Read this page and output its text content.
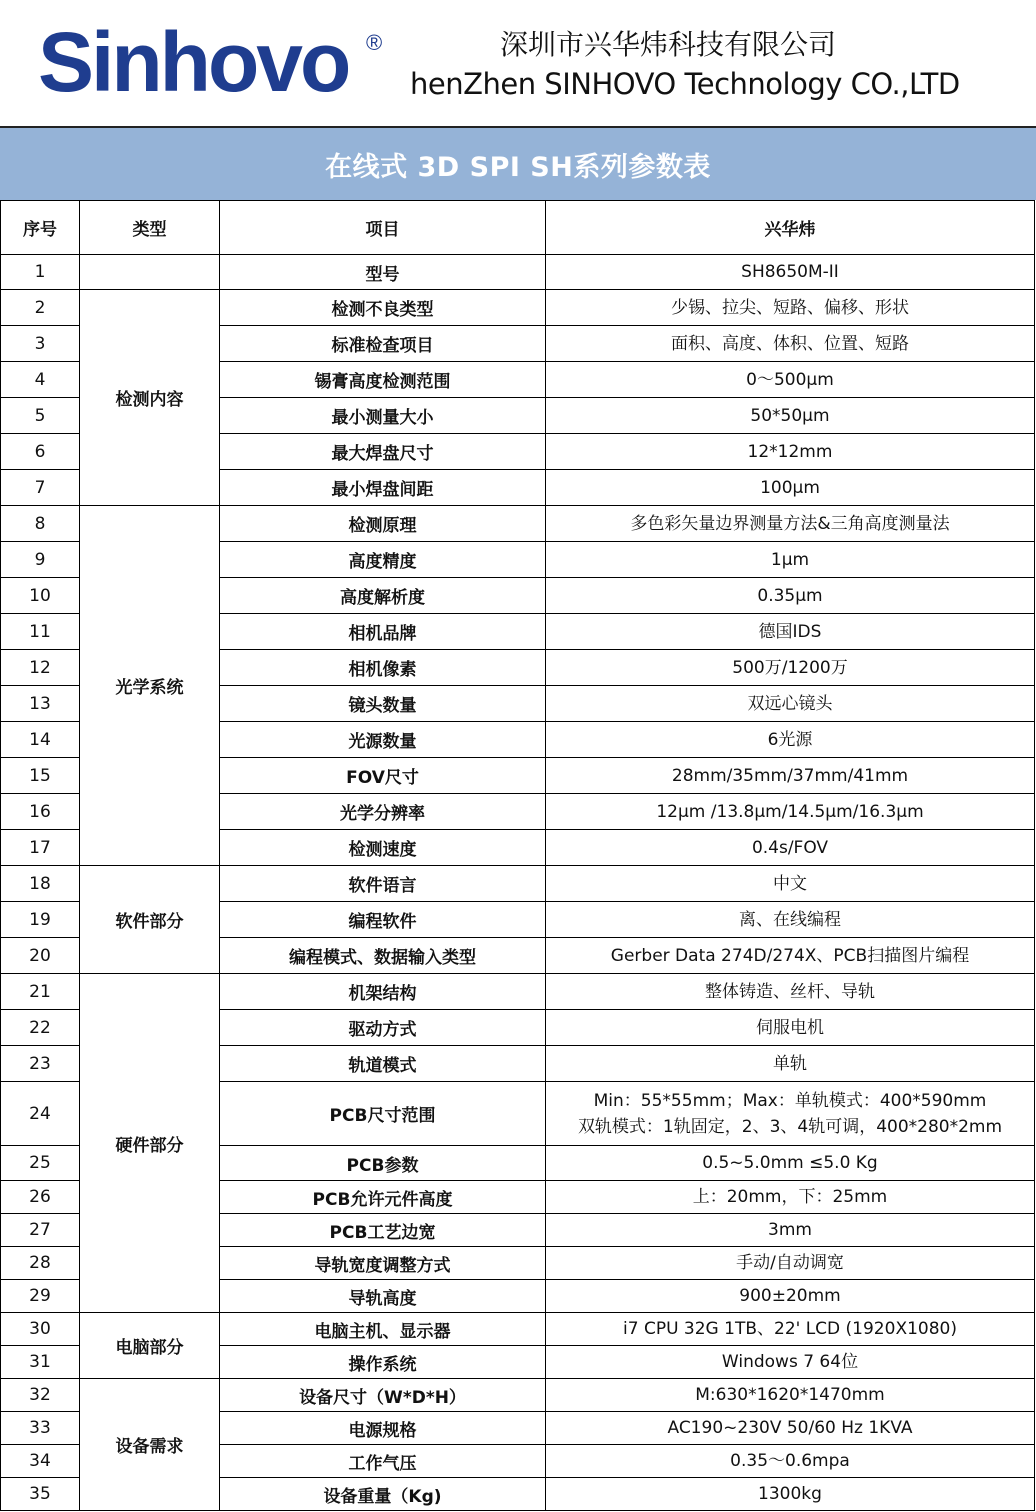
Sinhovo ®	深圳市兴华炜科技有限公司
henZhen SINHOVO Technology CO.,LTD
在线式 3D SPI SH系列参数表
序号	类型	项目	兴华炜
1		型号	SH8650M-II
2	检测内容	检测不良类型	少锡、拉尖、短路、偏移、形状
3		标准检查项目	面积、高度、体积、位置、短路
4		锡膏高度检测范围	0～500μm
5		最小测量大小	50*50μm
6		最大焊盘尺寸	12*12mm
7		最小焊盘间距	100μm
8	光学系统	检测原理	多色彩矢量边界测量方法&三角高度测量法
9		高度精度	1μm
10		高度解析度	0.35μm
11		相机品牌	德国IDS
12		相机像素	500万/1200万
13		镜头数量	双远心镜头
14		光源数量	6光源
15		FOV尺寸	28mm/35mm/37mm/41mm
16		光学分辨率	12μm /13.8μm/14.5μm/16.3μm
17		检测速度	0.4s/FOV
18	软件部分	软件语言	中文
19		编程软件	离、在线编程
20		编程模式、数据输入类型	Gerber Data 274D/274X、PCB扫描图片编程
21	硬件部分	机架结构	整体铸造、丝杆、导轨
22		驱动方式	伺服电机
23		轨道模式	单轨
24		PCB尺寸范围	Min：55*55mm；Max：单轨模式：400*590mm
双轨模式：1轨固定，2、3、4轨可调，400*280*2mm

25		PCB参数	0.5~5.0mm ≤5.0 Kg
26		PCB允许元件高度	上：20mm，下：25mm
27		PCB工艺边宽	3mm
28		导轨宽度调整方式	手动/自动调宽
29		导轨高度	900±20mm
30	电脑部分	电脑主机、显示器	i7 CPU 32G 1TB、22' LCD (1920X1080)
31		操作系统	Windows 7 64位
32	设备需求	设备尺寸（W*D*H）	M:630*1620*1470mm
33		电源规格	AC190~230V 50/60 Hz 1KVA
34		工作气压	0.35～0.6mpa
35		设备重量（Kg)	1300kg
